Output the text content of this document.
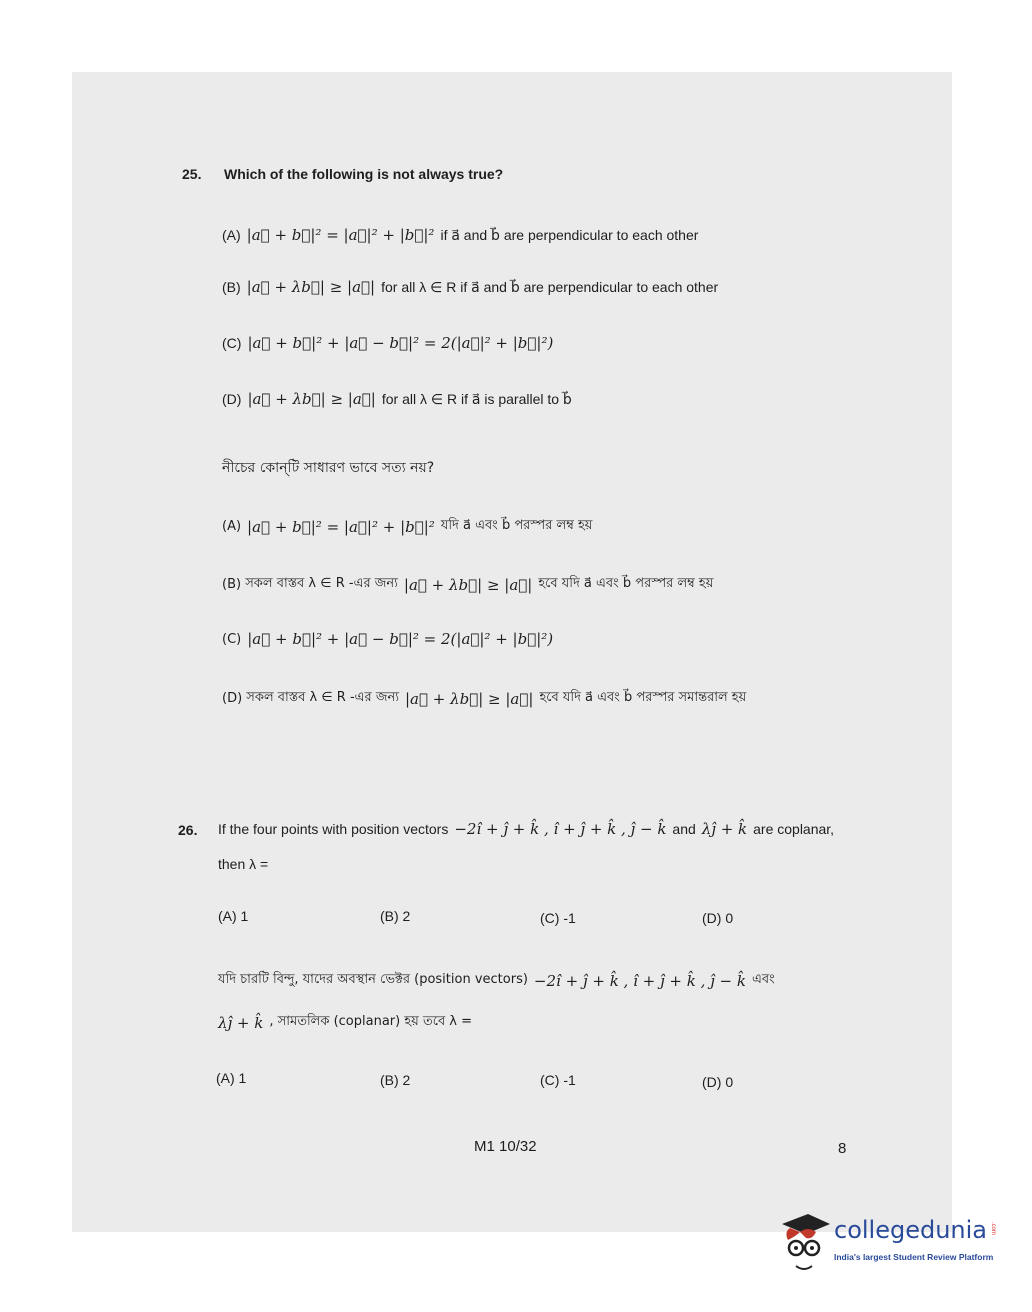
25. Which of the following is not always true?
(A) |a⃗ + b⃗|² = |a⃗|² + |b⃗|² if a⃗ and b⃗ are perpendicular to each other
(B) |a⃗ + λb⃗| ≥ |a⃗| for all λ ∈ R if a⃗ and b⃗ are perpendicular to each other
(C) |a⃗ + b⃗|² + |a⃗ − b⃗|² = 2(|a⃗|² + |b⃗|²)
(D) |a⃗ + λb⃗| ≥ |a⃗| for all λ ∈ R if a⃗ is parallel to b⃗
নীচের কোন্‌টি সাধারণ ভাবে সত্য নয়?
(A) |a⃗ + b⃗|² = |a⃗|² + |b⃗|² যদি a⃗ এবং b⃗ পরস্পর লম্ব হয়
(B)
সকল বাস্তব λ ∈ R -এর জন্য |a⃗ + λb⃗| ≥ |a⃗| হবে যদি a⃗ এবং b⃗ পরস্পর লম্ব হয়
(C) |a⃗ + b⃗|² + |a⃗ − b⃗|² = 2(|a⃗|² + |b⃗|²)
(D)
সকল বাস্তব λ ∈ R -এর জন্য |a⃗ + λb⃗| ≥ |a⃗| হবে যদি a⃗ এবং b⃗ পরস্পর সমান্তরাল হয়
26. If the four points with position vectors −2î + ĵ + k̂ , î + ĵ + k̂ , ĵ − k̂ and λĵ + k̂ are coplanar,
then λ =
(A) 1	(B) 2	(C) -1	(D) 0
যদি চারটি বিন্দু, যাদের অবস্থান ভেক্টর (position vectors) −2î + ĵ + k̂ , î + ĵ + k̂ , ĵ − k̂ এবং
λĵ + k̂ , সামতলিক (coplanar) হয় তবে λ =
(A) 1	(B) 2	(C) -1	(D) 0
M1 10/32	8
collegedunia .com
India's largest Student Review Platform
